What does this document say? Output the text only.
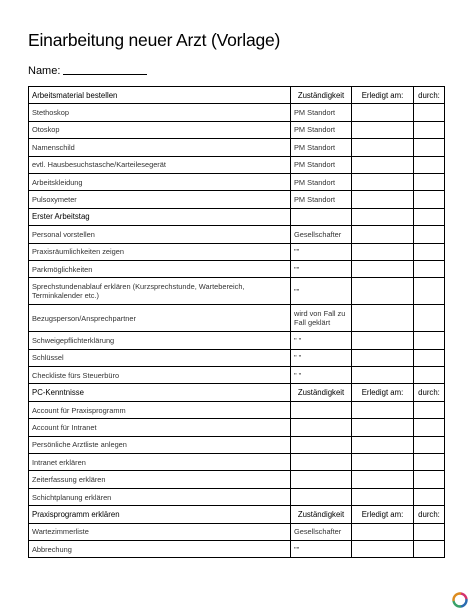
Einarbeitung neuer Arzt (Vorlage)
Name:
Arbeitsmaterial bestellen	Zuständigkeit	Erledigt am:	durch:
Stethoskop	PM Standort		
Otoskop	PM Standort		
Namenschild	PM Standort		
evtl. Hausbesuchstasche/Karteilesegerät	PM Standort		
Arbeitskleidung	PM Standort		
Pulsoxymeter	PM Standort		
Erster Arbeitstag			
Personal vorstellen	Gesellschafter		
Praxisräumlichkeiten zeigen	""		
Parkmöglichkeiten	""		
Sprechstundenablauf erklären (Kurzsprechstunde, Wartebereich, Terminkalender etc.)	""		
Bezugsperson/Ansprechpartner	wird von Fall zu Fall geklärt		
Schweigepflichterklärung	" "		
Schlüssel	" "		
Checkliste fürs Steuerbüro	" "		
PC-Kenntnisse	Zuständigkeit	Erledigt am:	durch:
Account für Praxisprogramm			
Account für Intranet			
Persönliche Arztliste anlegen			
Intranet erklären			
Zeiterfassung erklären			
Schichtplanung erklären			
Praxisprogramm erklären	Zuständigkeit	Erledigt am:	durch:
Wartezimmerliste	Gesellschafter		
Abbrechung	""		
